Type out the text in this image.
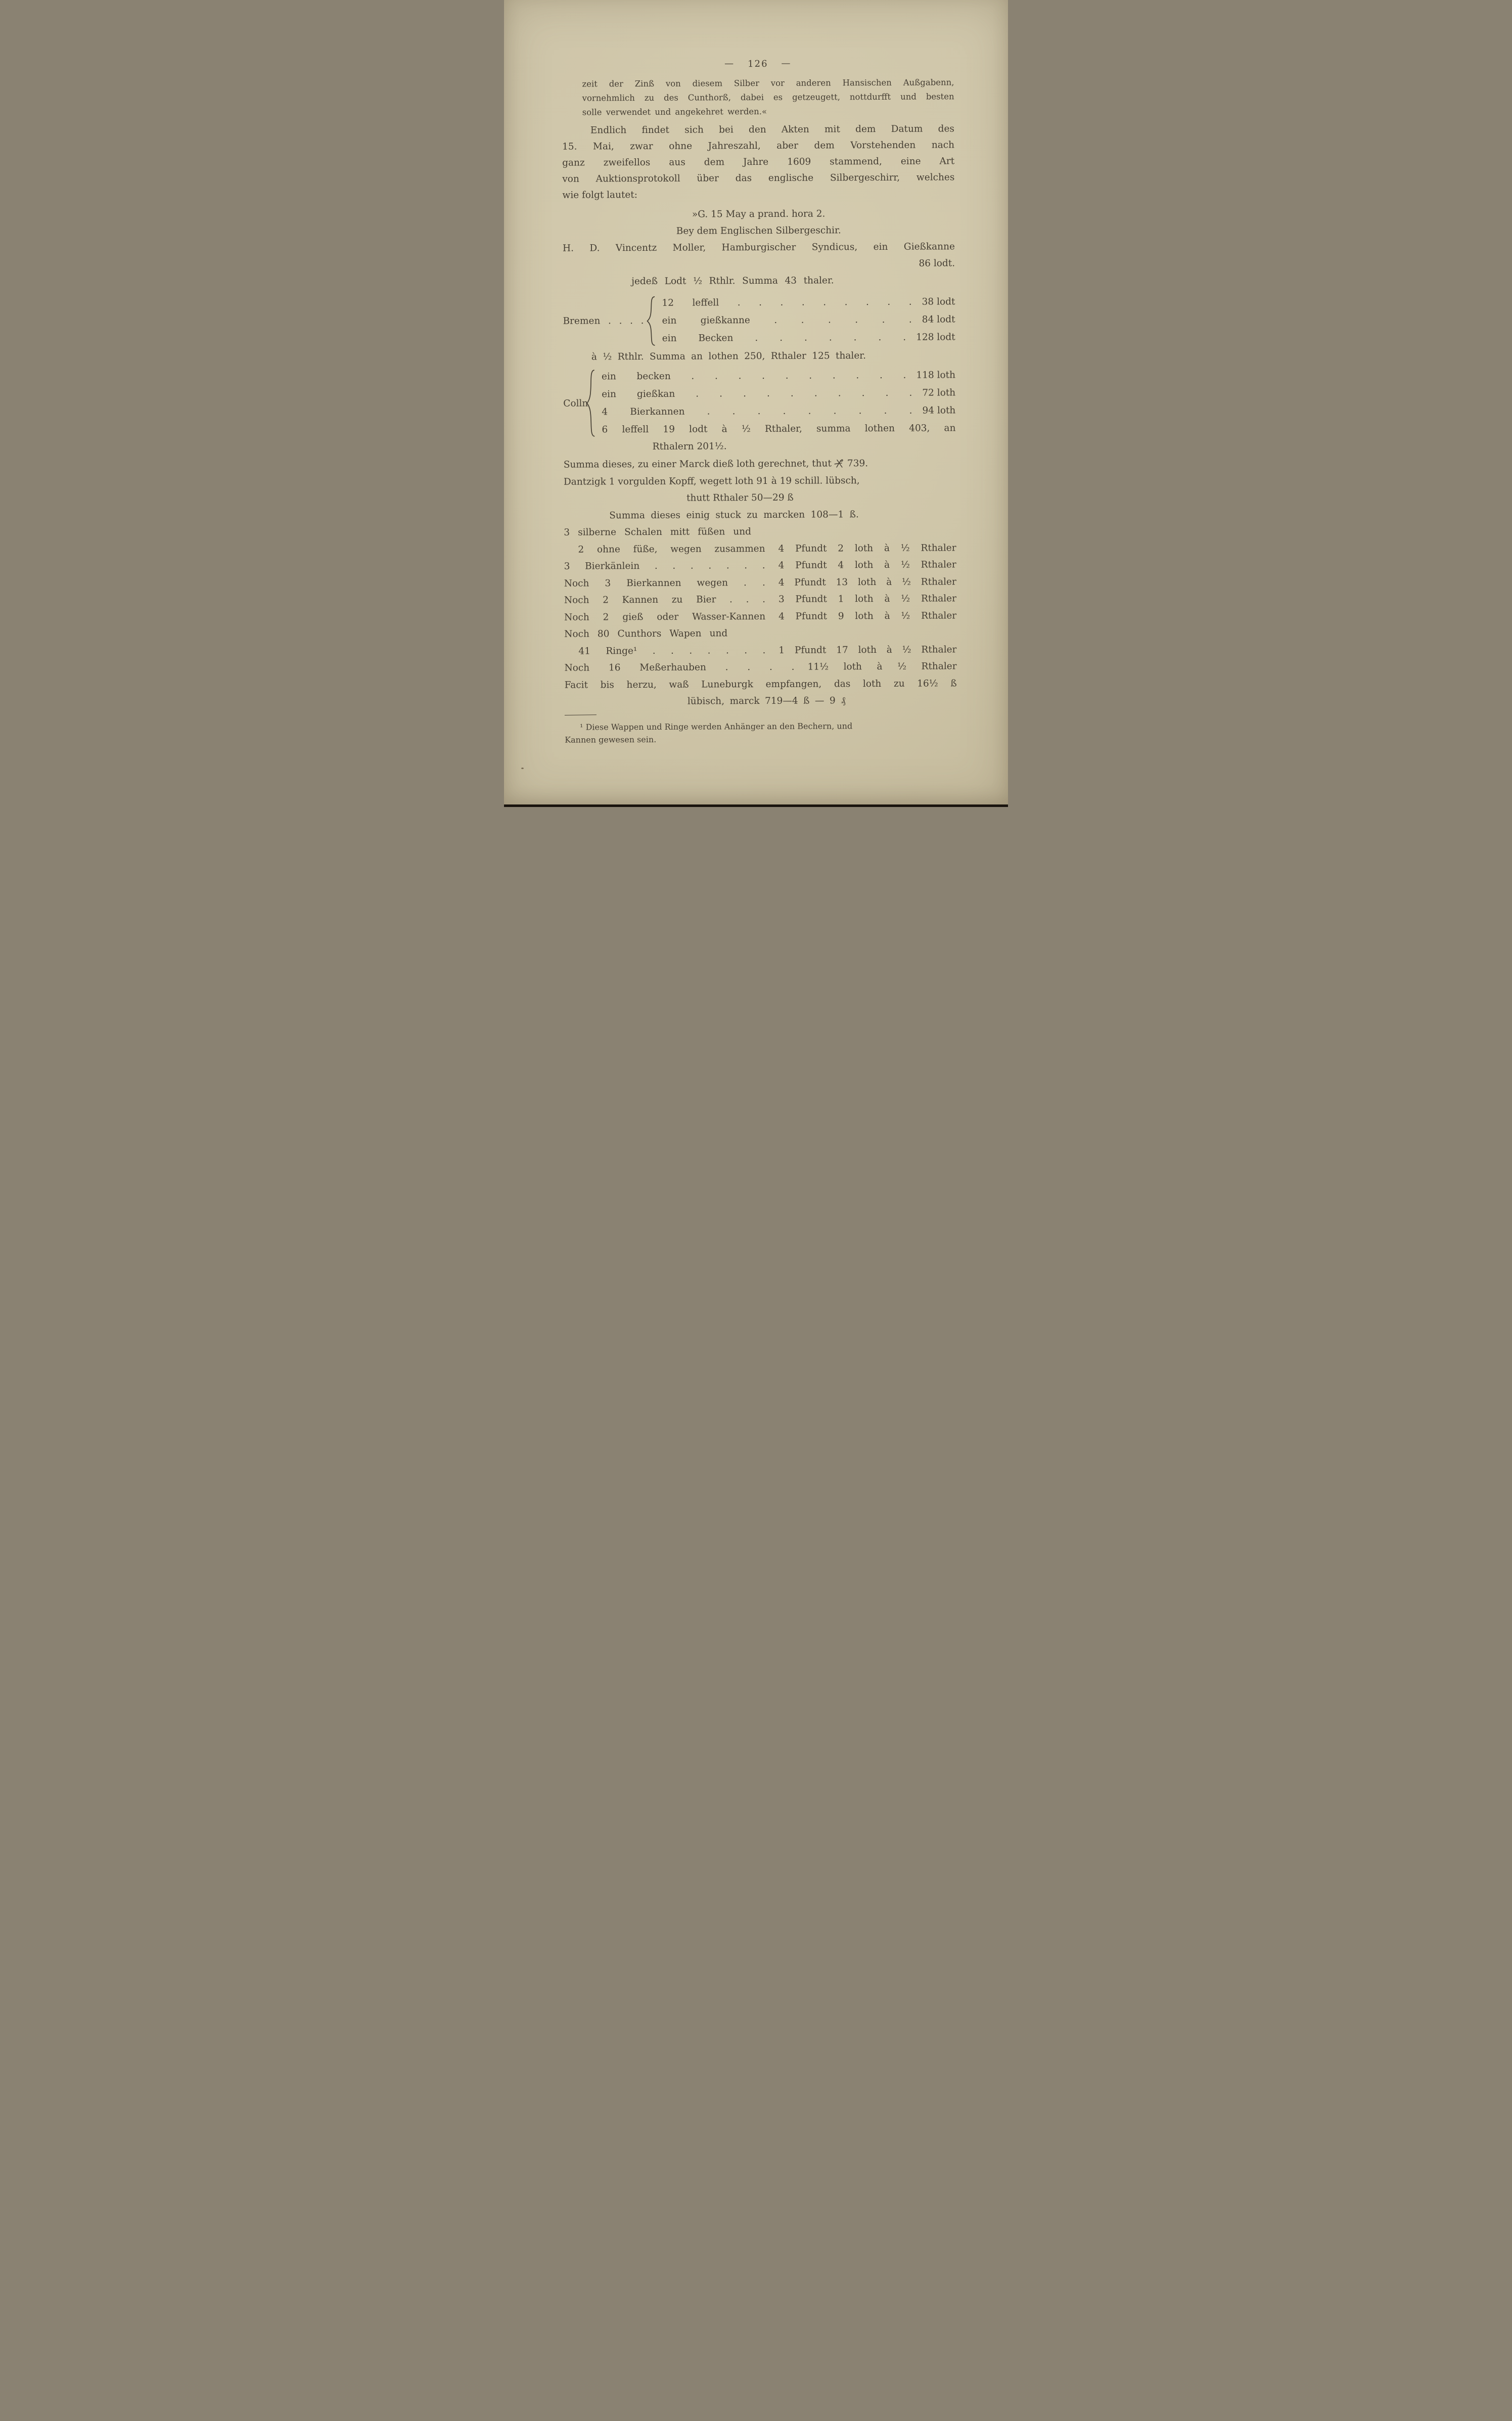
— 126 —
zeit der Zinß von diesem Silber vor anderen Hansischen Außgabenn,
vornehmlich zu des Cunthorß, dabei es getzeugett, nottdurfft und besten
solle verwendet und angekehret werden.«
Endlich findet sich bei den Akten mit dem Datum des
15. Mai, zwar ohne Jahreszahl, aber dem Vorstehenden nach
ganz zweifellos aus dem Jahre 1609 stammend, eine Art
von Auktionsprotokoll über das englische Silbergeschirr, welches
wie folgt lautet:
»G. 15 May a prand. hora 2.
Bey dem Englischen Silbergeschir.
H. D. Vincentz Moller, Hamburgischer Syndicus, ein Gießkanne
86 lodt.
jedeß Lodt ½ Rthlr. Summa 43 thaler.
Bremen . . . .
12 leffell . . . . . . . . .	38 lodt
ein gießkanne . . . . . .	84 lodt
ein Becken . . . . . . .	128 lodt
à ½ Rthlr. Summa an lothen 250, Rthaler 125 thaler.
Colln
ein becken . . . . . . . . . .	118 loth
ein gießkan . . . . . . . . . .	72 loth
4 Bierkannen . . . . . . . . .	94 loth
6 leffell 19 lodt à ½ Rthaler, summa lothen 403, an
Rthalern 201½.
Summa dieses, zu einer Marck dieß loth gerechnet, thut 739.
Dantzigk 1 vorgulden Kopff, wegett loth 91 à 19 schill. lübsch,
thutt Rthaler 50—29 ß
Summa dieses einig stuck zu marcken 108—1 ß.
3 silberne Schalen mitt füßen und
2 ohne füße, wegen zusammen	4 Pfundt 2 loth à ½ Rthaler
3 Bierkänlein . . . . . . .	4 Pfundt 4 loth à ½ Rthaler
Noch 3 Bierkannen wegen . .	4 Pfundt 13 loth à ½ Rthaler
Noch 2 Kannen zu Bier . . .	3 Pfundt 1 loth à ½ Rthaler
Noch 2 gieß oder Wasser-Kannen	4 Pfundt 9 loth à ½ Rthaler
Noch 80 Cunthors Wapen und
41 Ringe¹ . . . . . . .	1 Pfundt 17 loth à ½ Rthaler
Noch 16 Meßerhauben . . . .	11½ loth à ½ Rthaler
Facit bis herzu, waß Luneburgk empfangen, das loth zu 16½ ß
lübisch, marck 719—4 ß — 9 ₰
¹ Diese Wappen und Ringe werden Anhänger an den Bechern, und
Kannen gewesen sein.
